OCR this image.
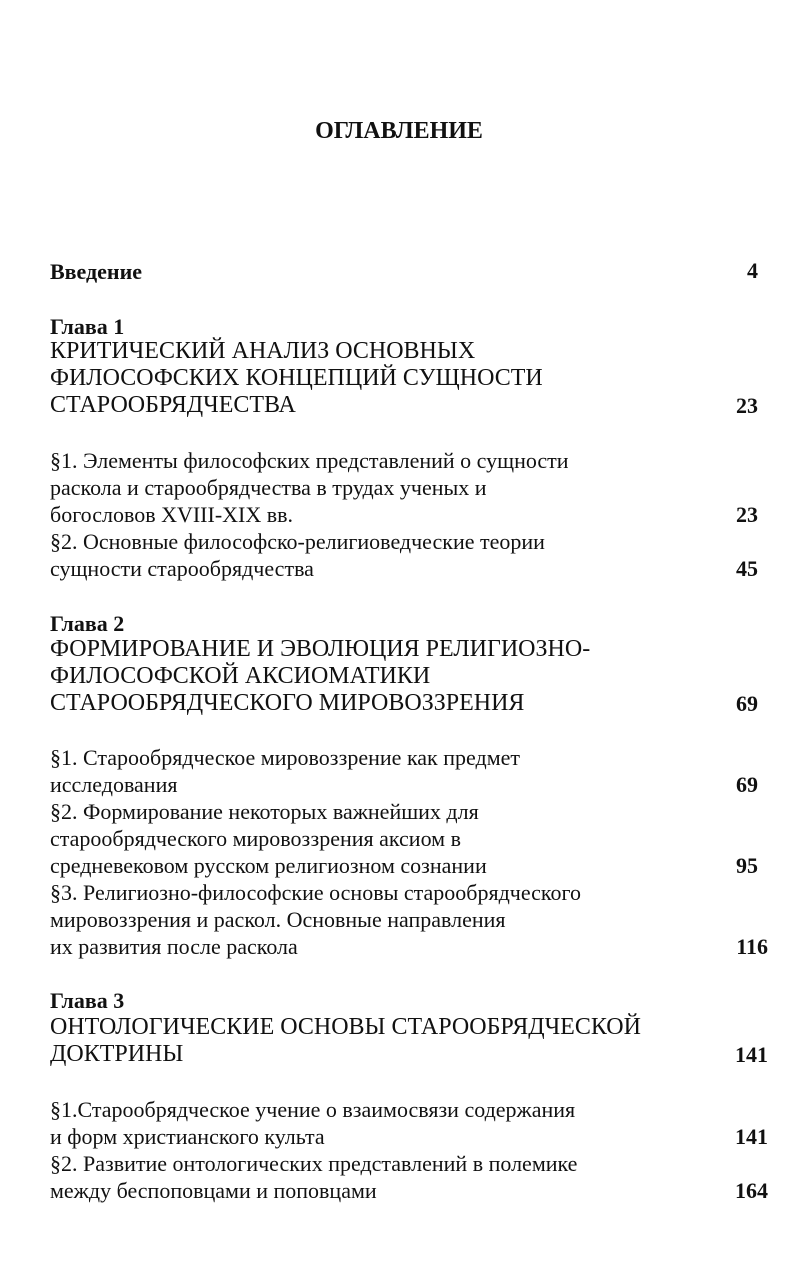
ОГЛАВЛЕНИЕ
Введение	4
Глава 1
КРИТИЧЕСКИЙ АНАЛИЗ ОСНОВНЫХ
ФИЛОСОФСКИХ КОНЦЕПЦИЙ СУЩНОСТИ
СТАРООБРЯДЧЕСТВА	23
§1. Элементы философских представлений о сущности
раскола и старообрядчества в трудах ученых и
богословов XVIII-XIX вв.	23
§2. Основные философско-религиоведческие теории
сущности старообрядчества	45
Глава 2
ФОРМИРОВАНИЕ И ЭВОЛЮЦИЯ РЕЛИГИОЗНО-
ФИЛОСОФСКОЙ АКСИОМАТИКИ
СТАРООБРЯДЧЕСКОГО МИРОВОЗЗРЕНИЯ	69
§1. Старообрядческое мировоззрение как предмет
исследования	69
§2. Формирование некоторых важнейших для
старообрядческого мировоззрения аксиом в
средневековом русском религиозном сознании	95
§3. Религиозно-философские основы старообрядческого
мировоззрения и раскол. Основные направления
их развития после раскола	116
Глава 3
ОНТОЛОГИЧЕСКИЕ ОСНОВЫ СТАРООБРЯДЧЕСКОЙ
ДОКТРИНЫ	141
§1.Старообрядческое учение о взаимосвязи содержания
и форм христианского культа	141
§2. Развитие онтологических представлений в полемике
между беспоповцами и поповцами	164
